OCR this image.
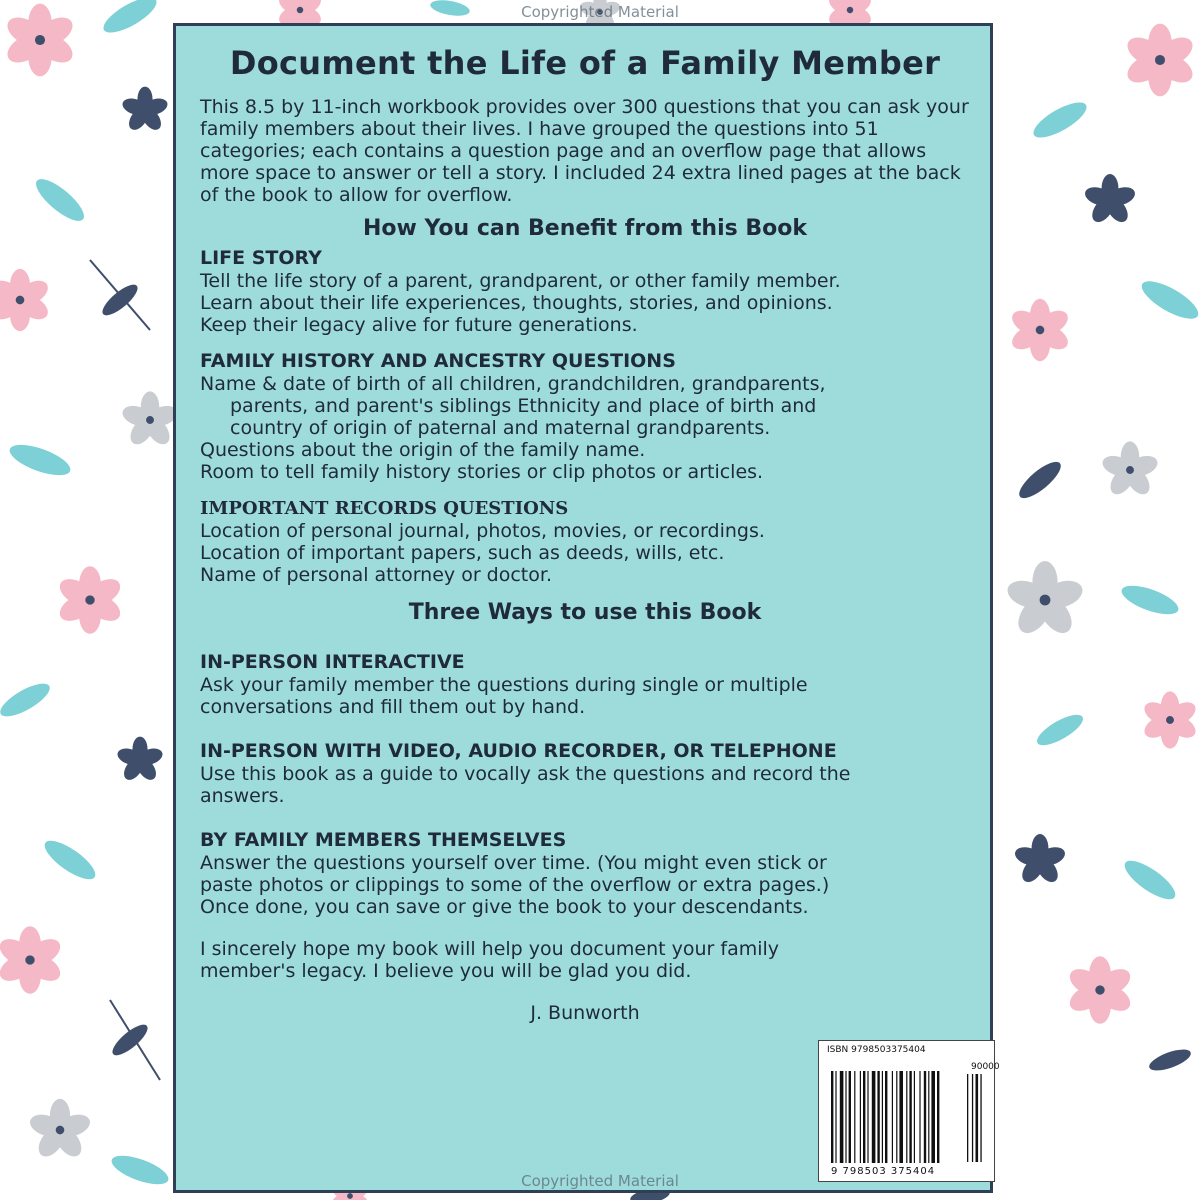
Copyrighted Material
Document the Life of a Family Member
This 8.5 by 11-inch workbook provides over 300 questions that you can ask your family members about their lives. I have grouped the questions into 51 categories; each contains a question page and an overflow page that allows more space to answer or tell a story. I included 24 extra lined pages at the back of the book to allow for overflow.
How You can Benefit from this Book
LIFE STORY
Tell the life story of a parent, grandparent, or other family member.
Learn about their life experiences, thoughts, stories, and opinions.
Keep their legacy alive for future generations.
FAMILY HISTORY AND ANCESTRY QUESTIONS
Name & date of birth of all children, grandchildren, grandparents,
parents, and parent's siblings Ethnicity and place of birth and
country of origin of paternal and maternal grandparents.
Questions about the origin of the family name.
Room to tell family history stories or clip photos or articles.
IMPORTANT RECORDS QUESTIONS
Location of personal journal, photos, movies, or recordings.
Location of important papers, such as deeds, wills, etc.
Name of personal attorney or doctor.
Three Ways to use this Book
IN-PERSON INTERACTIVE
Ask your family member the questions during single or multiple
conversations and fill them out by hand.
IN-PERSON WITH VIDEO, AUDIO RECORDER, OR TELEPHONE
Use this book as a guide to vocally ask the questions and record the
answers.
BY FAMILY MEMBERS THEMSELVES
Answer the questions yourself over time. (You might even stick or
paste photos or clippings to some of the overflow or extra pages.)
Once done, you can save or give the book to your descendants.
I sincerely hope my book will help you document your family
member's legacy. I believe you will be glad you did.
J. Bunworth
ISBN 9798503375404
90000
9 798503 375404
Copyrighted Material
